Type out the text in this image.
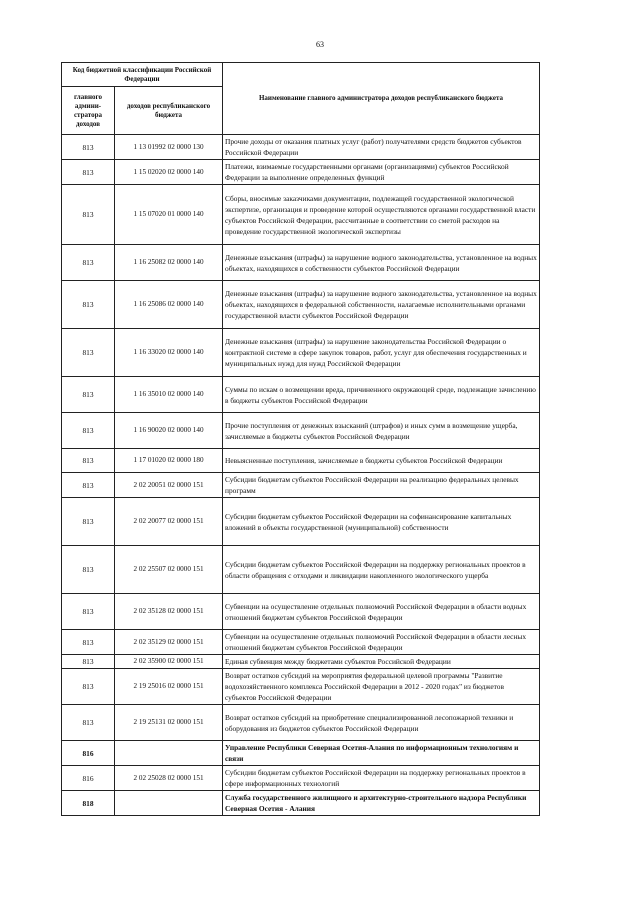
63
Код бюджетной классификации Российской Федерации		Наименование главного администратора доходов республиканского бюджета
главного админи-стратора доходов	доходов республиканского бюджета	
813	1 13 01992 02 0000 130	Прочие доходы от оказания платных услуг (работ) получателями средств бюджетов субъектов Российской Федерации
813	1 15 02020 02 0000 140	Платежи, взимаемые государственными органами (организациями) субъектов Российской Федерации за выполнение определенных функций
813	1 15 07020 01 0000 140	Сборы, вносимые заказчиками документации, подлежащей государственной экологической экспертизе, организация и проведение которой осуществляются органами государственной власти субъектов Российской Федерации, рассчитанные в соответствии со сметой расходов на проведение государственной экологической экспертизы
813	1 16 25082 02 0000 140	Денежные взыскания (штрафы) за нарушение водного законодательства, установленное на водных объектах, находящихся в собственности субъектов Российской Федерации
813	1 16 25086 02 0000 140	Денежные взыскания (штрафы) за нарушение водного законодательства, установленное на водных объектах, находящихся в федеральной собственности, налагаемые исполнительными органами государственной власти субъектов Российской Федерации
813	1 16 33020 02 0000 140	Денежные взыскания (штрафы) за нарушение законодательства Российской Федерации о контрактной системе в сфере закупок товаров, работ, услуг для обеспечения государственных и муниципальных нужд для нужд Российской Федерации
813	1 16 35010 02 0000 140	Суммы по искам о возмещении вреда, причиненного окружающей среде, подлежащие зачислению в бюджеты субъектов Российской Федерации
813	1 16 90020 02 0000 140	Прочие поступления от денежных взысканий (штрафов) и иных сумм в возмещение ущерба, зачисляемые в бюджеты субъектов Российской Федерации
813	1 17 01020 02 0000 180	Невыясненные поступления, зачисляемые в бюджеты субъектов Российской Федерации
813	2 02 20051 02 0000 151	Субсидии бюджетам субъектов Российской Федерации на реализацию федеральных целевых программ
813	2 02 20077 02 0000 151	Субсидии бюджетам субъектов Российской Федерации на софинансирование капитальных вложений в объекты государственной (муниципальной) собственности
813	2 02 25507 02 0000 151	Субсидии бюджетам субъектов Российской Федерации на поддержку региональных проектов в области обращения с отходами и ликвидации накопленного экологического ущерба
813	2 02 35128 02 0000 151	Субвенции на осуществление отдельных полномочий Российской Федерации в области водных отношений бюджетам субъектов Российской Федерации
813	2 02 35129 02 0000 151	Субвенции на осуществление отдельных полномочий Российской Федерации в области лесных отношений бюджетам субъектов Российской Федерации
813	2 02 35900 02 0000 151	Единая субвенция между бюджетами субъектов Российской Федерации
813	2 19 25016 02 0000 151	Возврат остатков субсидий на мероприятия федеральной целевой программы "Развитие водохозяйственного комплекса Российской Федерации в 2012 - 2020 годах" из бюджетов субъектов Российской Федерации
813	2 19 25131 02 0000 151	Возврат остатков субсидий на приобретение специализированной лесопожарной техники и оборудования из бюджетов субъектов Российской Федерации
816		Управление Республики Северная Осетия-Алания по информационным технологиям и связи
816	2 02 25028 02 0000 151	Субсидии бюджетам субъектов Российской Федерации на поддержку региональных проектов в сфере информационных технологий
818		Служба государственного жилищного и архитектурно-строительного надзора Республики Северная Осетия - Алания
